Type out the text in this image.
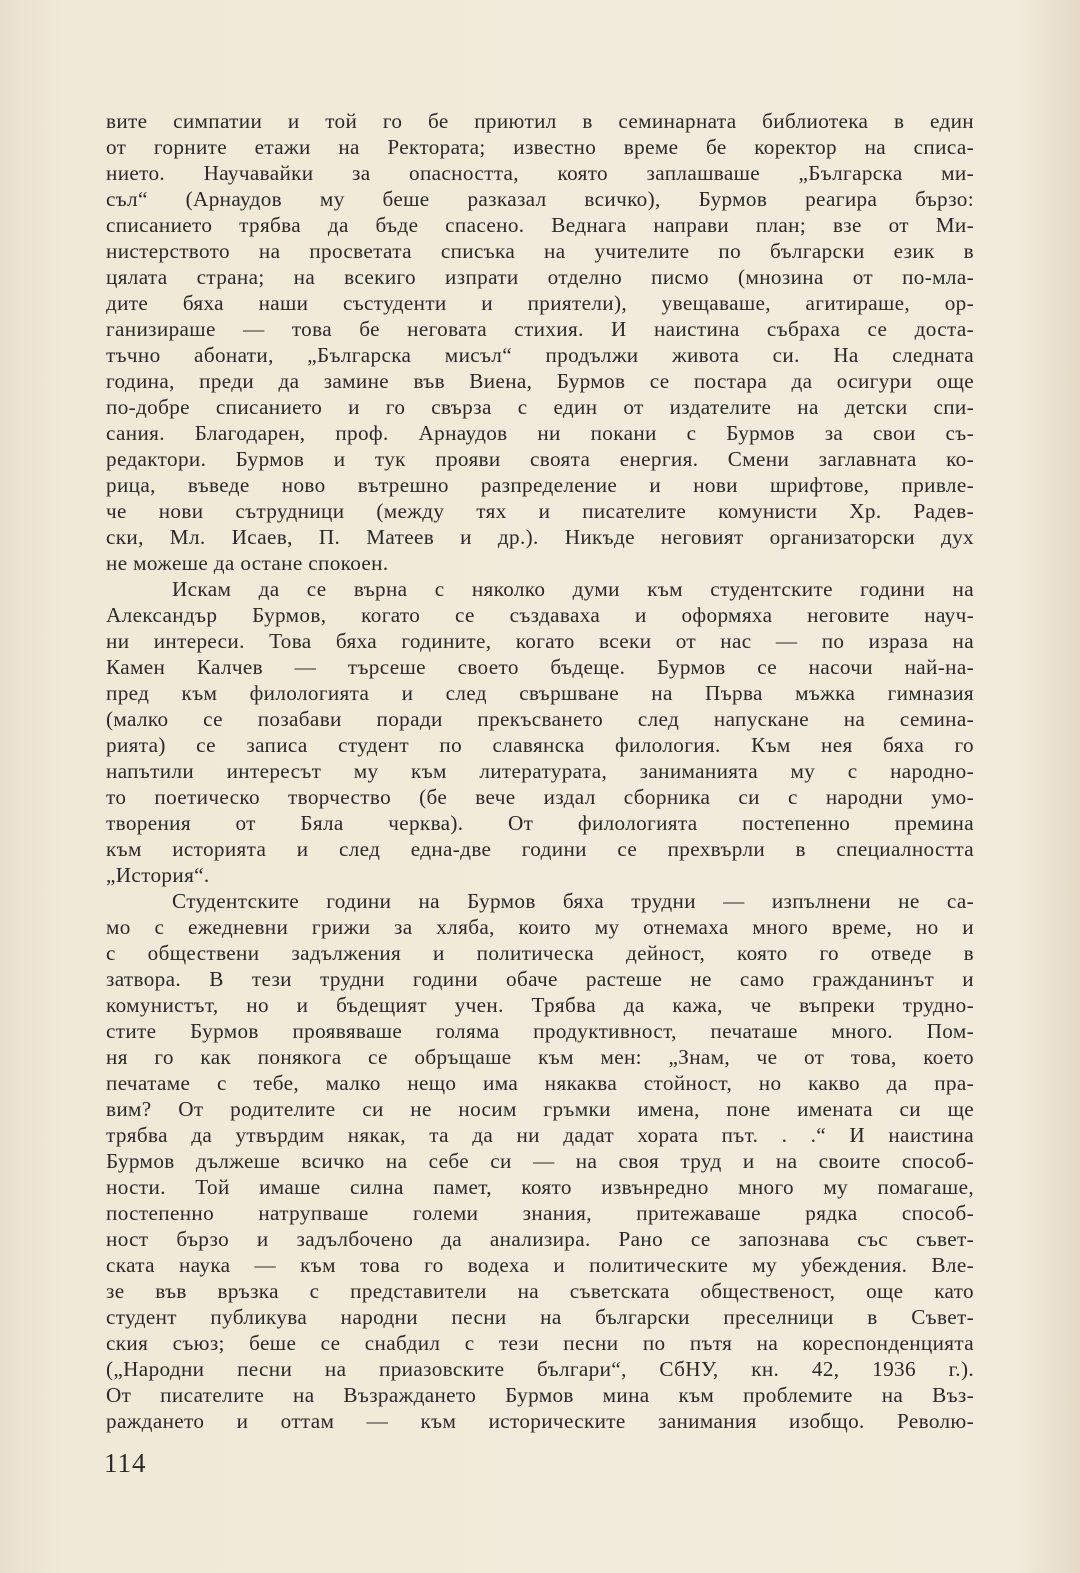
вите симпатии и той го бе приютил в семинарната библиотека в един
от горните етажи на Ректората; известно време бе коректор на списа-
нието. Научавайки за опасността, която заплашваше „Българска ми-
съл“ (Арнаудов му беше разказал всичко), Бурмов реагира бързо:
списанието трябва да бъде спасено. Веднага направи план; взе от Ми-
нистерството на просветата списъка на учителите по български език в
цялата страна; на всекиго изпрати отделно писмо (мнозина от по-мла-
дите бяха наши състуденти и приятели), увещаваше, агитираше, ор-
ганизираше — това бе неговата стихия. И наистина събраха се доста-
тъчно абонати, „Българска мисъл“ продължи живота си. На следната
година, преди да замине във Виена, Бурмов се постара да осигури още
по-добре списанието и го свърза с един от издателите на детски спи-
сания. Благодарен, проф. Арнаудов ни покани с Бурмов за свои съ-
редактори. Бурмов и тук прояви своята енергия. Смени заглавната ко-
рица, въведе ново вътрешно разпределение и нови шрифтове, привле-
че нови сътрудници (между тях и писателите комунисти Хр. Радев-
ски, Мл. Исаев, П. Матеев и др.). Никъде неговият организаторски дух
не можеше да остане спокоен.
Искам да се върна с няколко думи към студентските години на
Александър Бурмов, когато се създаваха и оформяха неговите науч-
ни интереси. Това бяха годините, когато всеки от нас — по израза на
Камен Калчев — търсеше своето бъдеще. Бурмов се насочи най-на-
пред към филологията и след свършване на Първа мъжка гимназия
(малко се позабави поради прекъсването след напускане на семина-
рията) се записа студент по славянска филология. Към нея бяха го
напътили интересът му към литературата, заниманията му с народно-
то поетическо творчество (бе вече издал сборника си с народни умо-
творения от Бяла черква). От филологията постепенно премина
към историята и след една-две години се прехвърли в специалността
„История“.
Студентските години на Бурмов бяха трудни — изпълнени не са-
мо с ежедневни грижи за хляба, които му отнемаха много време, но и
с обществени задължения и политическа дейност, която го отведе в
затвора. В тези трудни години обаче растеше не само гражданинът и
комунистът, но и бъдещият учен. Трябва да кажа, че въпреки трудно-
стите Бурмов проявяваше голяма продуктивност, печаташе много. Пом-
ня го как понякога се обръщаше към мен: „Знам, че от това, което
печатаме с тебе, малко нещо има някаква стойност, но какво да пра-
вим? От родителите си не носим гръмки имена, поне имената си ще
трябва да утвърдим някак, та да ни дадат хората път. . .“ И наистина
Бурмов дължеше всичко на себе си — на своя труд и на своите способ-
ности. Той имаше силна памет, която извънредно много му помагаше,
постепенно натрупваше големи знания, притежаваше рядка способ-
ност бързо и задълбочено да анализира. Рано се запознава със съвет-
ската наука — към това го водеха и политическите му убеждения. Вле-
зе във връзка с представители на съветската общественост, още като
студент публикува народни песни на български преселници в Съвет-
ския съюз; беше се снабдил с тези песни по пътя на кореспонденцията
(„Народни песни на приазовските българи“, СбНУ, кн. 42, 1936 г.).
От писателите на Възраждането Бурмов мина към проблемите на Въз-
раждането и оттам — към историческите занимания изобщо. Револю-
114
